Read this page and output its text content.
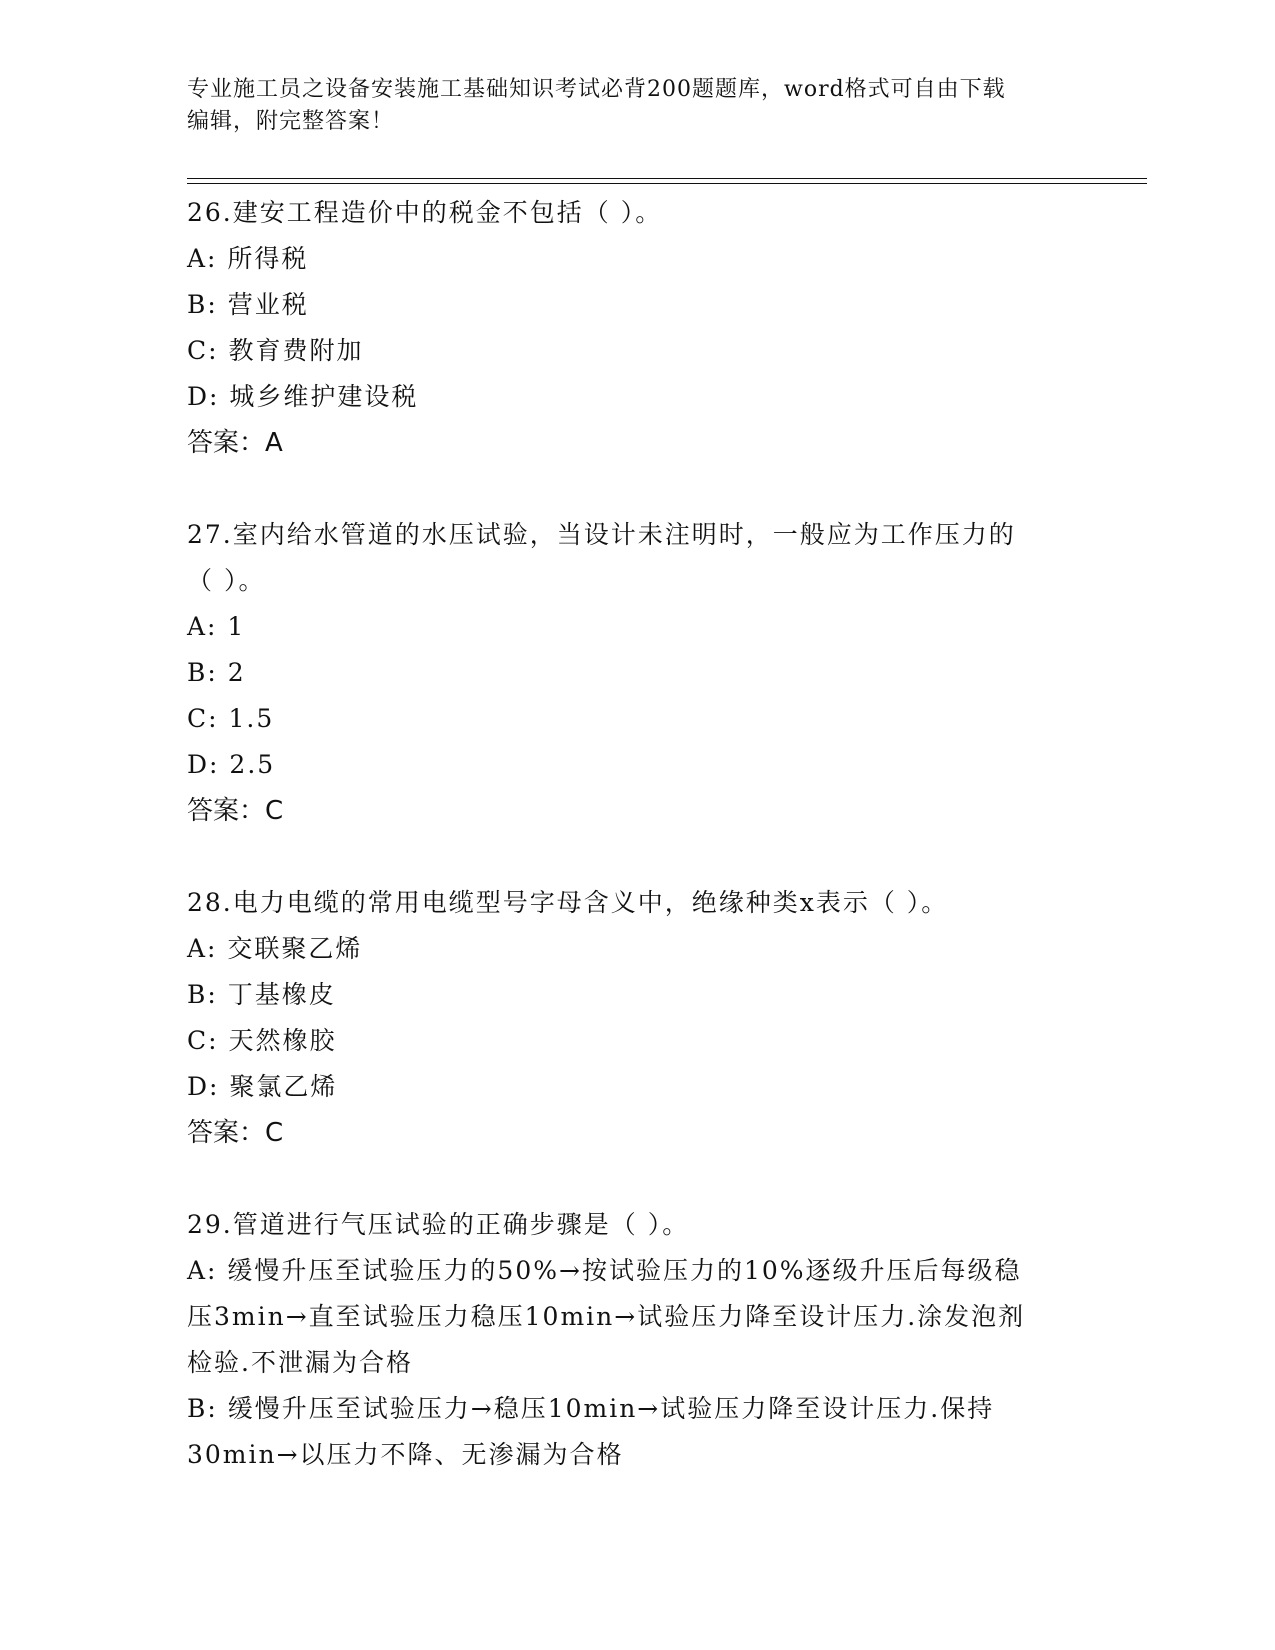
专业施工员之设备安装施工基础知识考试必背200题题库，word格式可自由下载
编辑，附完整答案！

26.建安工程造价中的税金不包括（ ）。

A: 所得税

B: 营业税

C: 教育费附加

D: 城乡维护建设税

答案：A

27.室内给水管道的水压试验，当设计未注明时，一般应为工作压力的

（ ）。

A: 1

B: 2

C: 1.5

D: 2.5

答案：C

28.电力电缆的常用电缆型号字母含义中，绝缘种类x表示（ ）。

A: 交联聚乙烯

B: 丁基橡皮

C: 天然橡胶

D: 聚氯乙烯

答案：C

29.管道进行气压试验的正确步骤是（ ）。

A: 缓慢升压至试验压力的50%→按试验压力的10%逐级升压后每级稳
压3min→直至试验压力稳压10min→试验压力降至设计压力.涂发泡剂
检验.不泄漏为合格
B: 缓慢升压至试验压力→稳压10min→试验压力降至设计压力.保持
30min→以压力不降、无渗漏为合格
